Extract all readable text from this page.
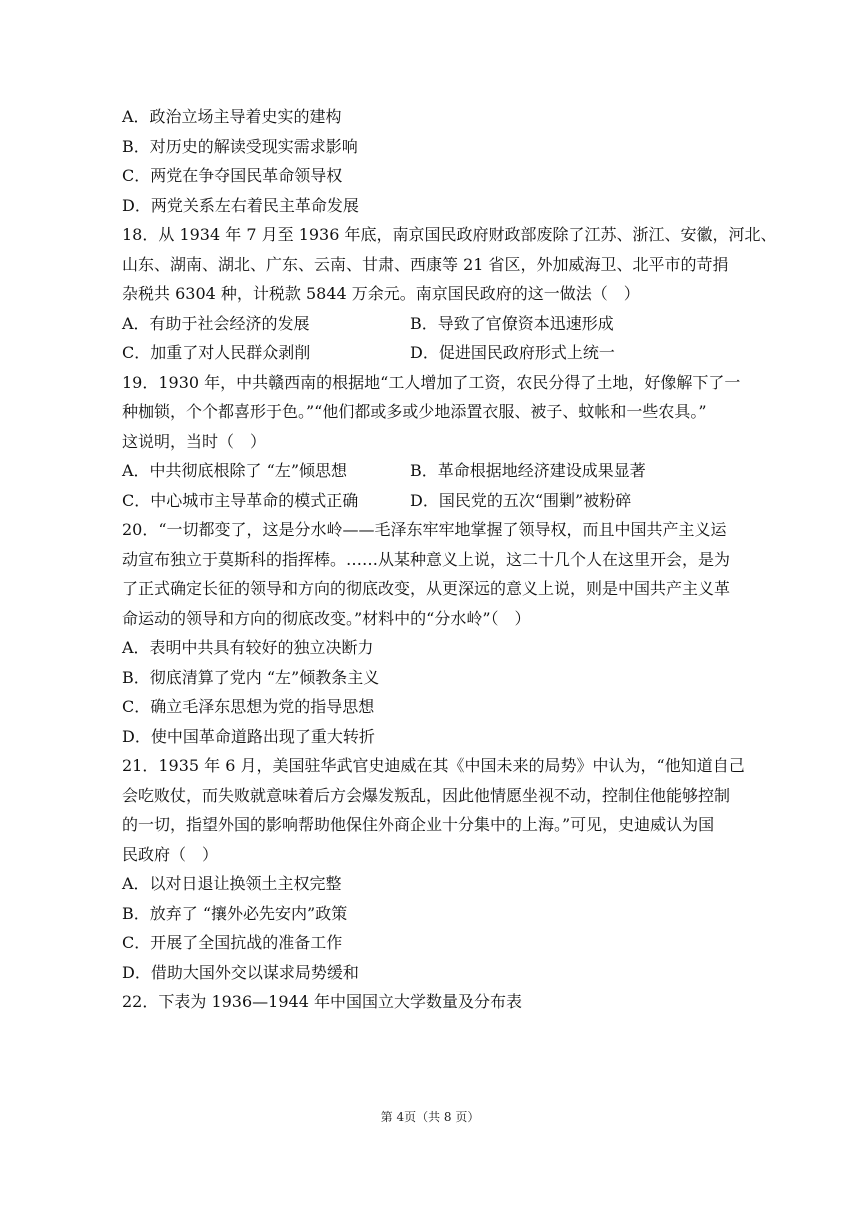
A．政治立场主导着史实的建构
B．对历史的解读受现实需求影响
C．两党在争夺国民革命领导权
D．两党关系左右着民主革命发展
18．从 1934 年 7 月至 1936 年底，南京国民政府财政部废除了江苏、浙江、安徽，河北、
山东、湖南、湖北、广东、云南、甘肃、西康等 21 省区，外加威海卫、北平市的苛捐
杂税共 6304 种，计税款 5844 万余元。南京国民政府的这一做法（　）
A．有助于社会经济的发展	B．导致了官僚资本迅速形成
C．加重了对人民群众剥削	D．促进国民政府形式上统一
19．1930 年，中共赣西南的根据地“工人增加了工资，农民分得了土地，好像解下了一
种枷锁，个个都喜形于色。”“他们都或多或少地添置衣服、被子、蚊帐和一些农具。”
这说明，当时（　）
A．中共彻底根除了 “左”倾思想	B．革命根据地经济建设成果显著
C．中心城市主导革命的模式正确	D．国民党的五次“围剿”被粉碎
20．“一切都变了，这是分水岭——毛泽东牢牢地掌握了领导权，而且中国共产主义运
动宣布独立于莫斯科的指挥棒。……从某种意义上说，这二十几个人在这里开会，是为
了正式确定长征的领导和方向的彻底改变，从更深远的意义上说，则是中国共产主义革
命运动的领导和方向的彻底改变。”材料中的“分水岭”（　）
A．表明中共具有较好的独立决断力
B．彻底清算了党内 “左”倾教条主义
C．确立毛泽东思想为党的指导思想
D．使中国革命道路出现了重大转折
21．1935 年 6 月，美国驻华武官史迪威在其《中国未来的局势》中认为，“他知道自己
会吃败仗，而失败就意味着后方会爆发叛乱，因此他情愿坐视不动，控制住他能够控制
的一切，指望外国的影响帮助他保住外商企业十分集中的上海。”可见，史迪威认为国
民政府（　）
A．以对日退让换领土主权完整
B．放弃了 “攘外必先安内”政策
C．开展了全国抗战的准备工作
D．借助大国外交以谋求局势缓和
22．下表为 1936—1944 年中国国立大学数量及分布表
第 4页（共 8 页）
